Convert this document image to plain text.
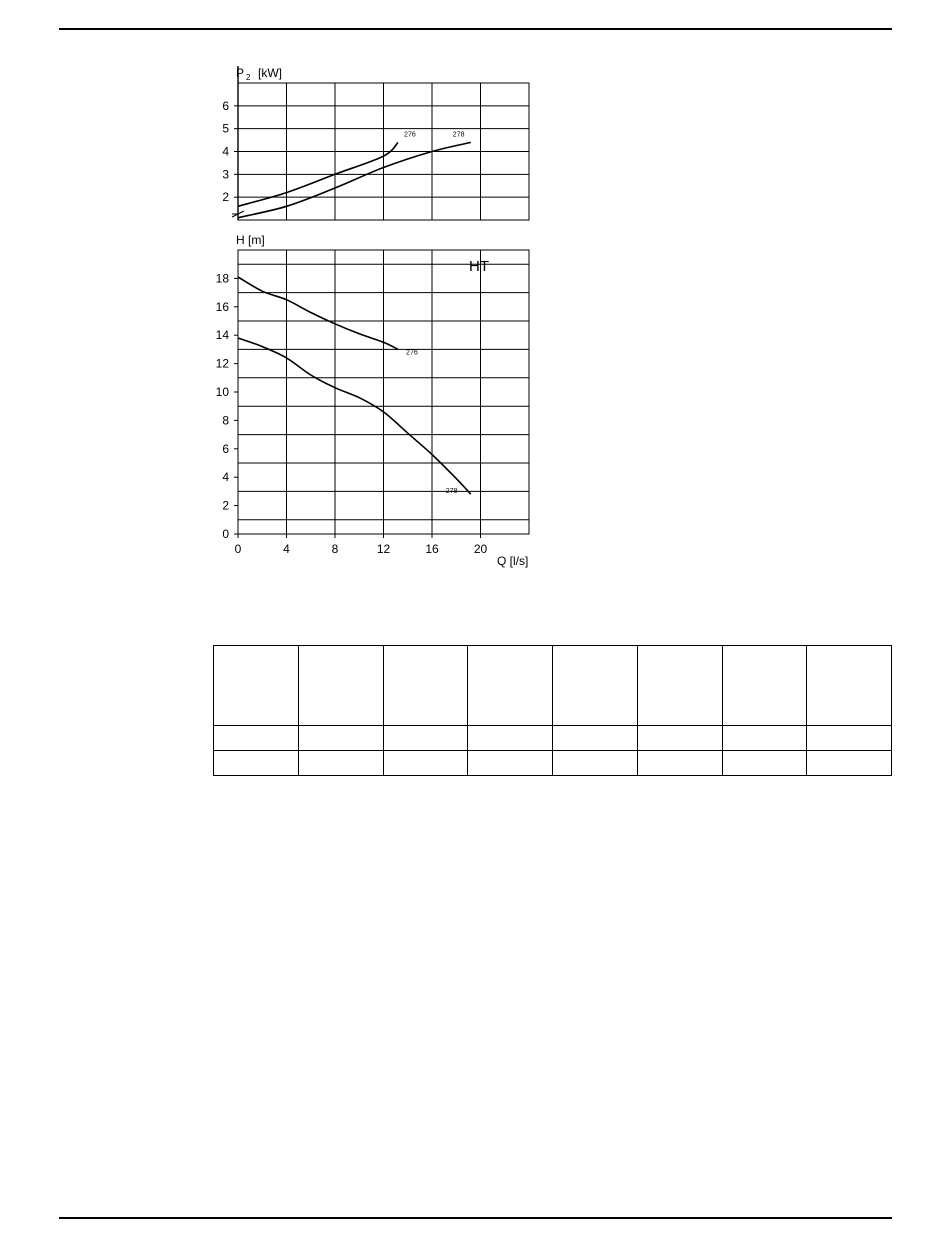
2
3
4
5
6
276	278
P 2 [kW]
0
2
4
6
8
10
12
14
16
18
0	4	8	12	16	20
276
278
H [m]
Q [l/s]
HT
